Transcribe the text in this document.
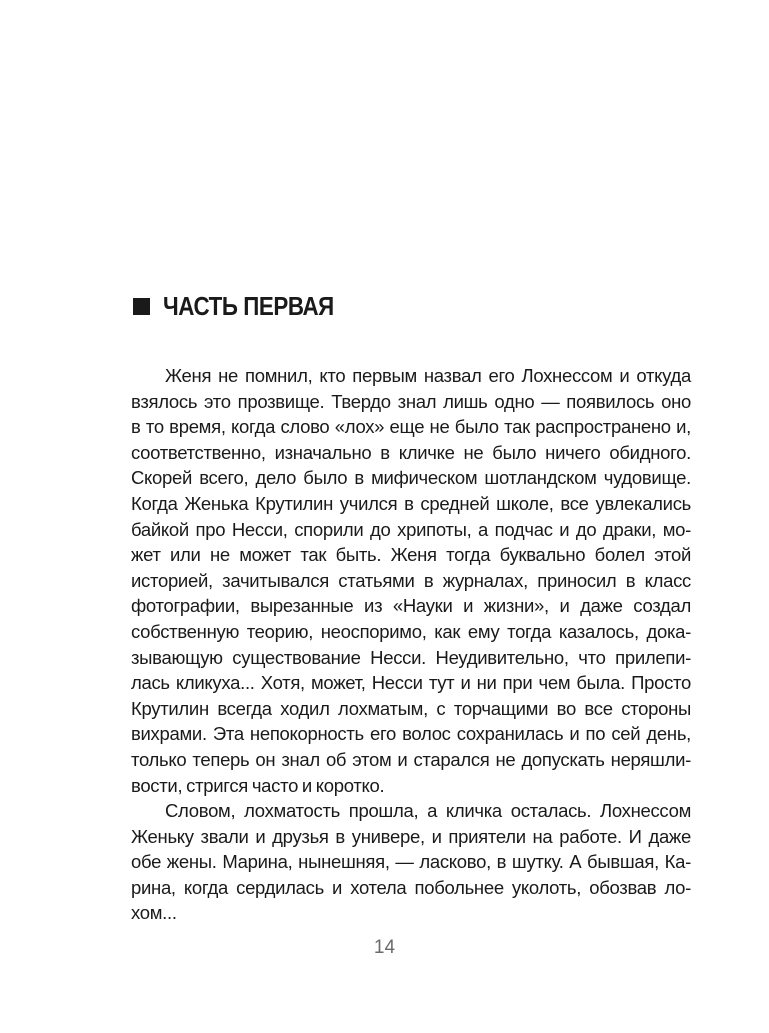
ЧАСТЬ ПЕРВАЯ
Женя не помнил, кто первым назвал его Лохнессом и откуда
взялось это прозвище. Твердо знал лишь одно — появилось оно
в то время, когда слово «лох» еще не было так распространено и,
соответственно, изначально в кличке не было ничего обидного.
Скорей всего, дело было в мифическом шотландском чудовище.
Когда Женька Крутилин учился в средней школе, все увлекались
байкой про Несси, спорили до хрипоты, а подчас и до драки, мо-
жет или не может так быть. Женя тогда буквально болел этой
историей, зачитывался статьями в журналах, приносил в класс
фотографии, вырезанные из «Науки и жизни», и даже создал
собственную теорию, неоспоримо, как ему тогда казалось, дока-
зывающую существование Несси. Неудивительно, что прилепи-
лась кликуха... Хотя, может, Несси тут и ни при чем была. Просто
Крутилин всегда ходил лохматым, с торчащими во все стороны
вихрами. Эта непокорность его волос сохранилась и по сей день,
только теперь он знал об этом и старался не допускать неряшли-
вости, стригся часто и коротко.
Словом, лохматость прошла, а кличка осталась. Лохнессом
Женьку звали и друзья в универе, и приятели на работе. И даже
обе жены. Марина, нынешняя, — ласково, в шутку. А бывшая, Ка-
рина, когда сердилась и хотела побольнее уколоть, обозвав ло-
хом...
14
